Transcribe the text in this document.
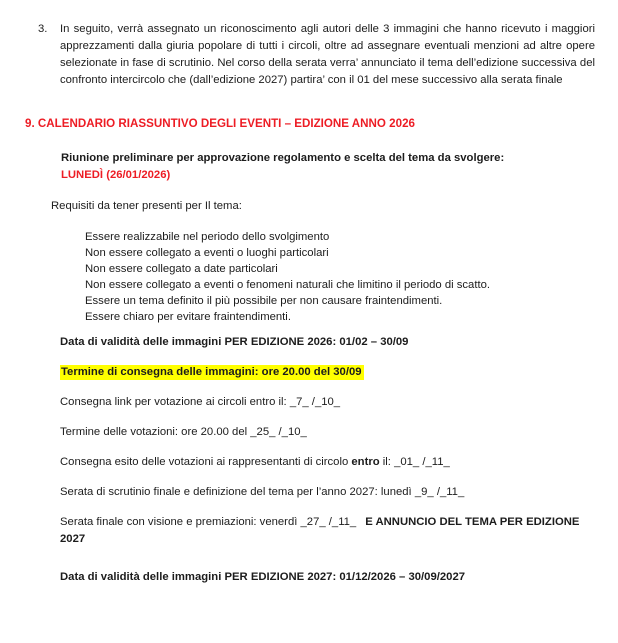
3.	In seguito, verrà assegnato un riconoscimento agli autori delle 3 immagini che hanno ricevuto i maggiori apprezzamenti dalla giuria popolare di tutti i circoli, oltre ad assegnare eventuali menzioni ad altre opere selezionate in fase di scrutinio. Nel corso della serata verra’ annunciato il tema dell’edizione successiva del confronto intercircolo che (dall’edizione 2027) partira’ con il 01 del mese successivo alla serata finale

9. CALENDARIO RIASSUNTIVO DEGLI EVENTI – EDIZIONE ANNO 2026

Riunione preliminare per approvazione regolamento e scelta del tema da svolgere:

LUNEDÌ (26/01/2026)

Requisiti da tener presenti per Il tema:

Essere realizzabile nel periodo dello svolgimento

Non essere collegato a eventi o luoghi particolari

Non essere collegato a date particolari

Non essere collegato a eventi o fenomeni naturali che limitino il periodo di scatto.

Essere un tema definito il più possibile per non causare fraintendimenti.

Essere chiaro per evitare fraintendimenti.

Data di validità delle immagini PER EDIZIONE 2026: 01/02 – 30/09

Termine di consegna delle immagini: ore 20.00 del 30/09

Consegna link per votazione ai circoli entro il: _7_ /_10_

Termine delle votazioni: ore 20.00 del _25_ /_10_

Consegna esito delle votazioni ai rappresentanti di circolo entro il: _01_ /_11_

Serata di scrutinio finale e definizione del tema per l’anno 2027: lunedì _9_ /_11_

Serata finale con visione e premiazioni: venerdì _27_ /_11_ E ANNUNCIO DEL TEMA PER EDIZIONE 2027

Data di validità delle immagini PER EDIZIONE 2027: 01/12/2026 – 30/09/2027
